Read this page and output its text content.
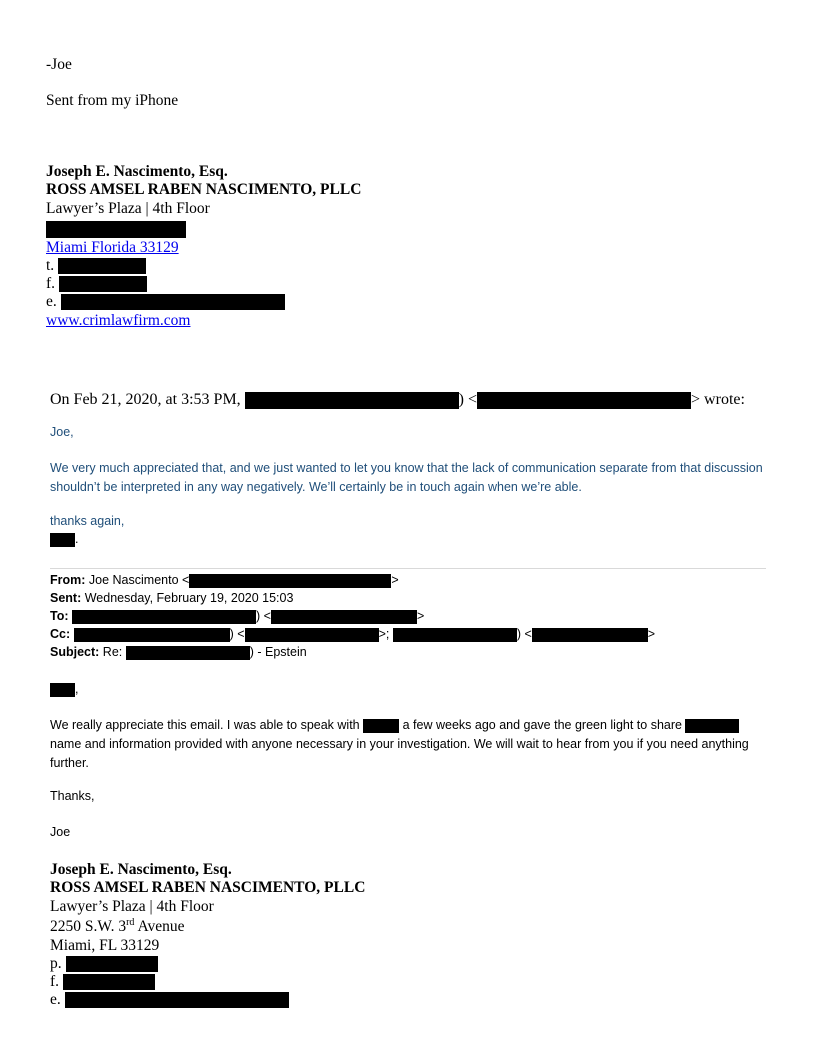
-Joe
Sent from my iPhone
Joseph E. Nascimento, Esq.
ROSS AMSEL RABEN NASCIMENTO, PLLC
Lawyer’s Plaza | 4th Floor
Miami Florida 33129
t.
f.
e.
www.crimlawfirm.com
On Feb 21, 2020, at 3:53 PM,	) <	> wrote:
Joe,
We very much appreciated that, and we just wanted to let you know that the lack of communication separate from that discussion shouldn’t be interpreted in any way negatively. We’ll certainly be in touch again when we’re able.
thanks again,
.
From: Joe Nascimento <	>
Sent: Wednesday, February 19, 2020 15:03
To:	) <	>
Cc:	) <	>;	) <	>
Subject: Re:	) - Epstein
,
We really appreciate this email. I was able to speak with	a few weeks ago and gave the green light to share  name and information provided with anyone necessary in your investigation. We will wait to hear from you if you need anything further.
Thanks,
Joe
Joseph E. Nascimento, Esq.
ROSS AMSEL RABEN NASCIMENTO, PLLC
Lawyer’s Plaza | 4th Floor
2250 S.W. 3rd Avenue
Miami, FL 33129
p.
f.
e.
